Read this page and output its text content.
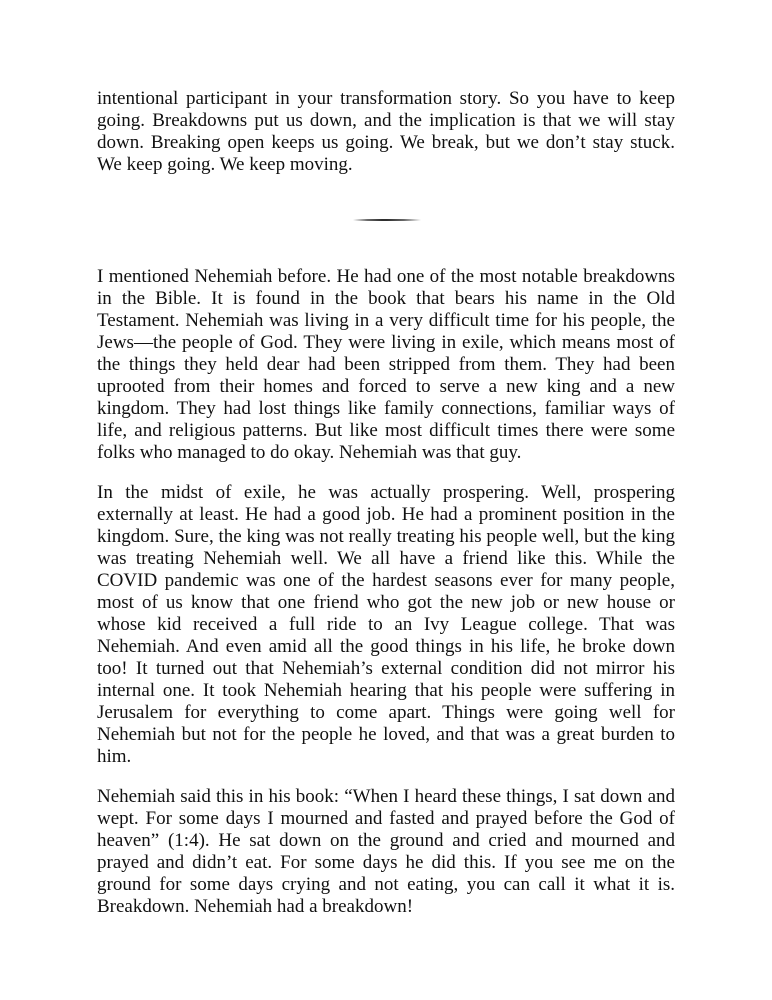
intentional participant in your transformation story. So you have to keep going. Breakdowns put us down, and the implication is that we will stay down. Breaking open keeps us going. We break, but we don’t stay stuck. We keep going. We keep moving.

I mentioned Nehemiah before. He had one of the most notable breakdowns in the Bible. It is found in the book that bears his name in the Old Testament. Nehemiah was living in a very difficult time for his people, the Jews—the people of God. They were living in exile, which means most of the things they held dear had been stripped from them. They had been uprooted from their homes and forced to serve a new king and a new kingdom. They had lost things like family connections, familiar ways of life, and religious patterns. But like most difficult times there were some folks who managed to do okay. Nehemiah was that guy.

In the midst of exile, he was actually prospering. Well, prospering externally at least. He had a good job. He had a prominent position in the kingdom. Sure, the king was not really treating his people well, but the king was treating Nehemiah well. We all have a friend like this. While the COVID pandemic was one of the hardest seasons ever for many people, most of us know that one friend who got the new job or new house or whose kid received a full ride to an Ivy League college. That was Nehemiah. And even amid all the good things in his life, he broke down too! It turned out that Nehemiah’s external condition did not mirror his internal one. It took Nehemiah hearing that his people were suffering in Jerusalem for everything to come apart. Things were going well for Nehemiah but not for the people he loved, and that was a great burden to him.

Nehemiah said this in his book: “When I heard these things, I sat down and wept. For some days I mourned and fasted and prayed before the God of heaven” (1:4). He sat down on the ground and cried and mourned and prayed and didn’t eat. For some days he did this. If you see me on the ground for some days crying and not eating, you can call it what it is. Breakdown. Nehemiah had a breakdown!
